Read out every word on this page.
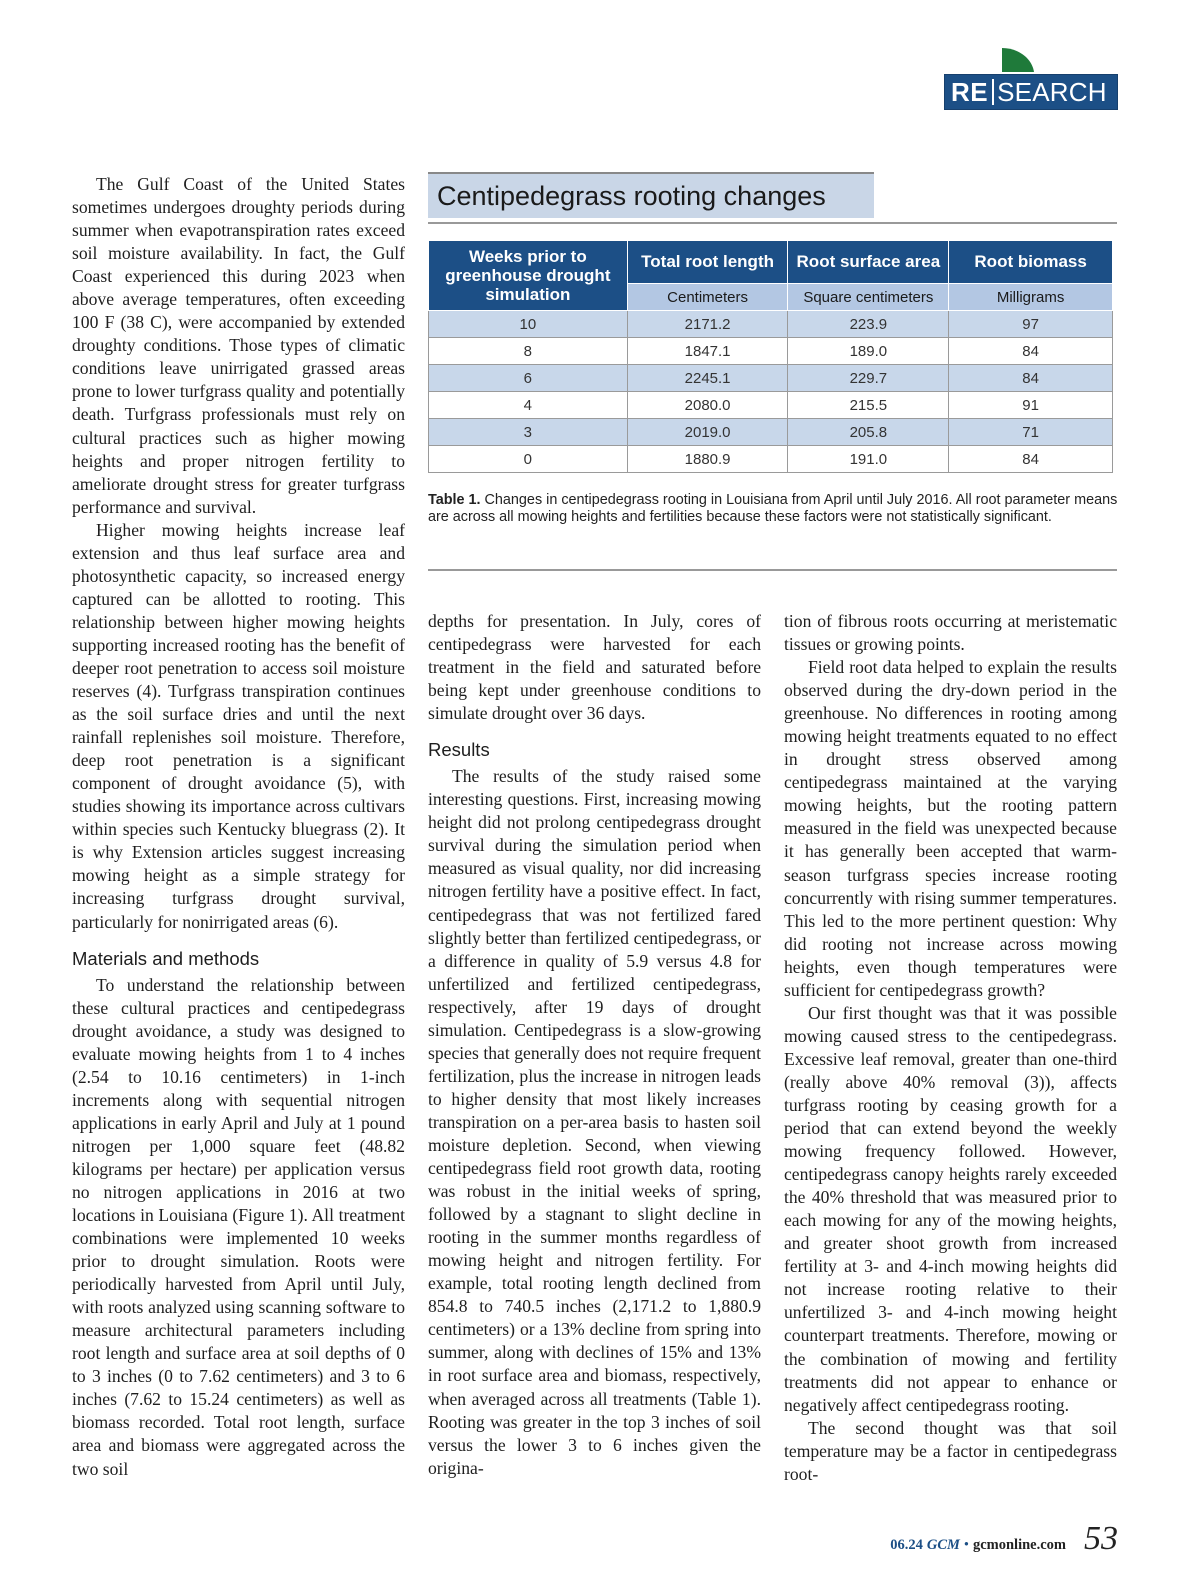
RE SEARCH

The Gulf Coast of the United States sometimes undergoes droughty periods during summer when evapotranspiration rates exceed soil moisture availability. In fact, the Gulf Coast experienced this during 2023 when above average temperatures, often exceeding 100 F (38 C), were accompanied by extended droughty conditions. Those types of climatic conditions leave unirrigated grassed areas prone to lower turfgrass quality and potentially death. Turfgrass professionals must rely on cultural practices such as higher mowing heights and proper nitrogen fertility to ameliorate drought stress for greater turfgrass performance and survival.

Higher mowing heights increase leaf extension and thus leaf surface area and photosynthetic capacity, so increased energy captured can be allotted to rooting. This relationship between higher mowing heights supporting increased rooting has the benefit of deeper root penetration to access soil moisture reserves (4). Turfgrass transpiration continues as the soil surface dries and until the next rainfall replenishes soil moisture. Therefore, deep root penetration is a significant component of drought avoidance (5), with studies showing its importance across cultivars within species such Kentucky bluegrass (2). It is why Extension articles suggest increasing mowing height as a simple strategy for increasing turfgrass drought survival, particularly for nonirrigated areas (6).

Materials and methods

To understand the relationship between these cultural practices and centipedegrass drought avoidance, a study was designed to evaluate mowing heights from 1 to 4 inches (2.54 to 10.16 centimeters) in 1-inch increments along with sequential nitrogen applications in early April and July at 1 pound nitrogen per 1,000 square feet (48.82 kilograms per hectare) per application versus no nitrogen applications in 2016 at two locations in Louisiana (Figure 1). All treatment combinations were implemented 10 weeks prior to drought simulation. Roots were periodically harvested from April until July, with roots analyzed using scanning software to measure architectural parameters including root length and surface area at soil depths of 0 to 3 inches (0 to 7.62 centimeters) and 3 to 6 inches (7.62 to 15.24 centimeters) as well as biomass recorded. Total root length, surface area and biomass were aggregated across the two soil

Centipedegrass rooting changes
Weeks prior to greenhouse drought simulation	Total root length	Root surface area	Root biomass
	Centimeters	Square centimeters	Milligrams
10	2171.2	223.9	97
8	1847.1	189.0	84
6	2245.1	229.7	84
4	2080.0	215.5	91
3	2019.0	205.8	71
0	1880.9	191.0	84
Table 1. Changes in centipedegrass rooting in Louisiana from April until July 2016. All root parameter means are across all mowing heights and fertilities because these factors were not statistically significant.

depths for presentation. In July, cores of centipedegrass were harvested for each treatment in the field and saturated before being kept under greenhouse conditions to simulate drought over 36 days.

Results

The results of the study raised some interesting questions. First, increasing mowing height did not prolong centipedegrass drought survival during the simulation period when measured as visual quality, nor did increasing nitrogen fertility have a positive effect. In fact, centipedegrass that was not fertilized fared slightly better than fertilized centipedegrass, or a difference in quality of 5.9 versus 4.8 for unfertilized and fertilized centipedegrass, respectively, after 19 days of drought simulation. Centipedegrass is a slow-growing species that generally does not require frequent fertilization, plus the increase in nitrogen leads to higher density that most likely increases transpiration on a per-area basis to hasten soil moisture depletion. Second, when viewing centipedegrass field root growth data, rooting was robust in the initial weeks of spring, followed by a stagnant to slight decline in rooting in the summer months regardless of mowing height and nitrogen fertility. For example, total rooting length declined from 854.8 to 740.5 inches (2,171.2 to 1,880.9 centimeters) or a 13% decline from spring into summer, along with declines of 15% and 13% in root surface area and biomass, respectively, when averaged across all treatments (Table 1). Rooting was greater in the top 3 inches of soil versus the lower 3 to 6 inches given the origina-

tion of fibrous roots occurring at meristematic tissues or growing points.

Field root data helped to explain the results observed during the dry-down period in the greenhouse. No differences in rooting among mowing height treatments equated to no effect in drought stress observed among centipedegrass maintained at the varying mowing heights, but the rooting pattern measured in the field was unexpected because it has generally been accepted that warm-season turfgrass species increase rooting concurrently with rising summer temperatures. This led to the more pertinent question: Why did rooting not increase across mowing heights, even though temperatures were sufficient for centipedegrass growth?

Our first thought was that it was possible mowing caused stress to the centipedegrass. Excessive leaf removal, greater than one-third (really above 40% removal (3)), affects turfgrass rooting by ceasing growth for a period that can extend beyond the weekly mowing frequency followed. However, centipedegrass canopy heights rarely exceeded the 40% threshold that was measured prior to each mowing for any of the mowing heights, and greater shoot growth from increased fertility at 3- and 4-inch mowing heights did not increase rooting relative to their unfertilized 3- and 4-inch mowing height counterpart treatments. Therefore, mowing or the combination of mowing and fertility treatments did not appear to enhance or negatively affect centipedegrass rooting.

The second thought was that soil temperature may be a factor in centipedegrass root-

06.24 GCM • gcmonline.com 53
